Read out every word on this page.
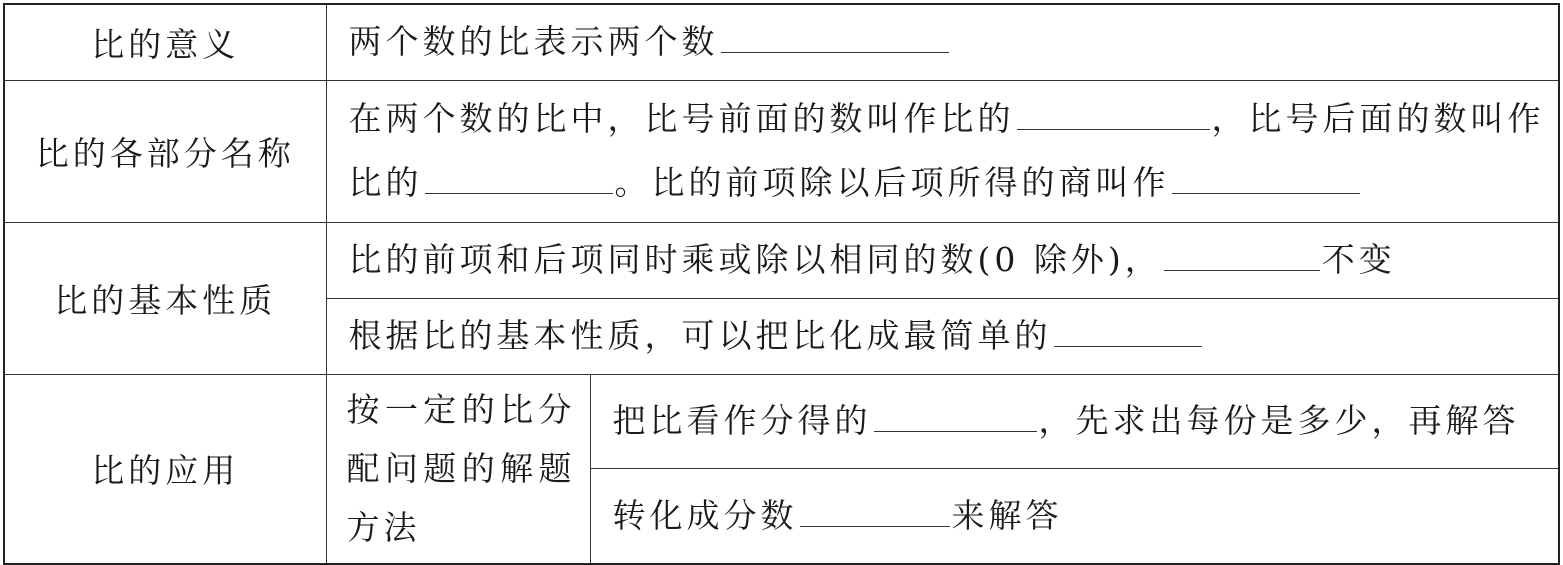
比的意义	两个数的比表示两个数	
比的各部分名称	在两个数的比中，比号前面的数叫作比的 ，比号后面的数叫作比的 。比的前项除以后项所得的商叫作	
比的基本性质	比的前项和后项同时乘或除以相同的数(0 除外)， 不变	
	根据比的基本性质，可以把比化成最简单的	
比的应用	按一定的比分配问题的解题方法	把比看作分得的 ，先求出每份是多少，再解答
		转化成分数 来解答
